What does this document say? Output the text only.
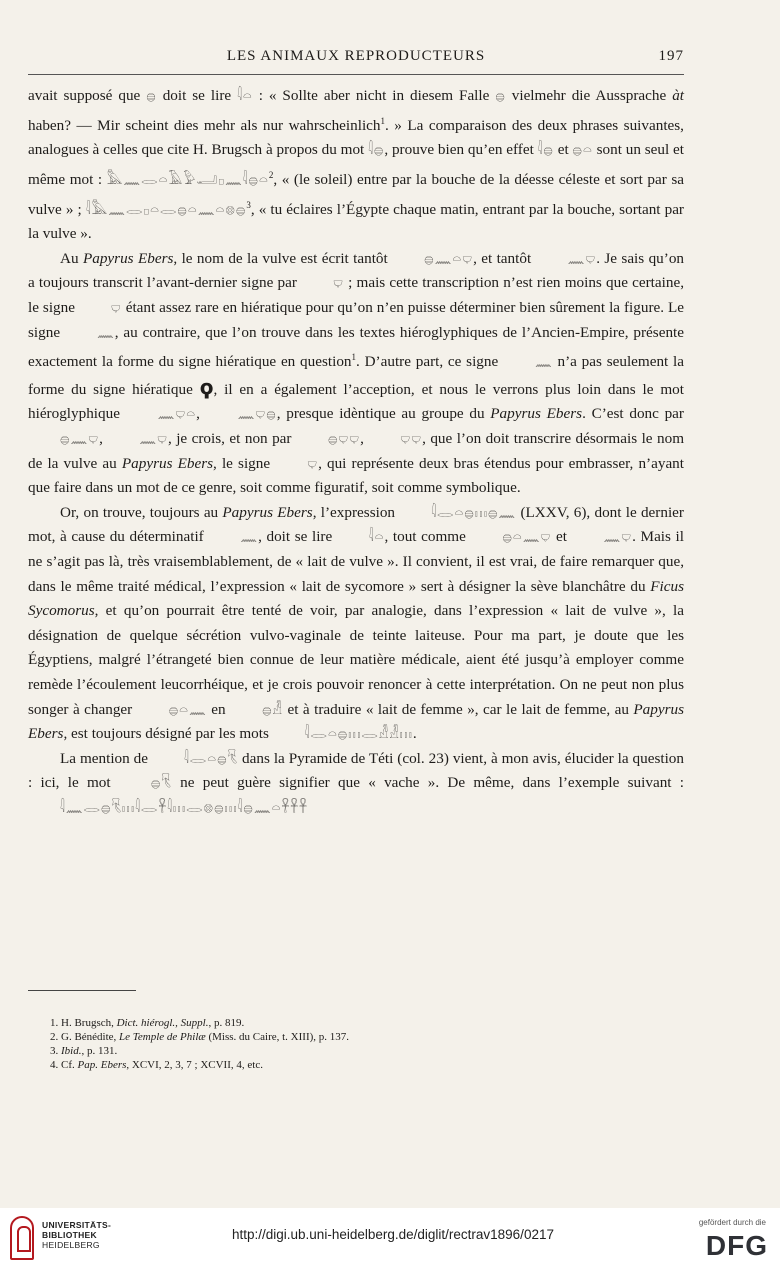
LES ANIMAUX REPRODUCTEURS	197

avait supposé que 𓐍 doit se lire 𓇋𓏏 : « Sollte aber nicht in diesem Falle 𓐍 vielmehr die Aussprache àt haben? — Mir scheint dies mehr als nur wahrscheinlich$^1$. » La comparaison des deux phrases suivantes, analogues à celles que cite H. Brugsch à propos du mot 𓇋𓐍, prouve bien qu’en effet 𓇋𓐍 et 𓐍𓏏 sont un seul et même mot : 𓅓𓈖𓂋𓏏𓄿𓅱𓂝𓊪𓈖𓇋𓐍𓏏$^2$, « (le soleil) entre par la bouche de la déesse céleste et sort par sa vulve » ; 𓇋𓅓𓈖𓂋𓊪𓏏𓂋𓐍𓏏𓈖𓏏𓊖𓐍$^3$, « tu éclaires l’Égypte chaque matin, entrant par la bouche, sortant par la vulve ».

Au Papyrus Ebers, le nom de la vulve est écrit tantôt 𓐍𓈖𓏏𓂑, et tantôt 𓈖𓂑. Je sais qu’on a toujours transcrit l’avant-dernier signe par 𓂑 ; mais cette transcription n’est rien moins que certaine, le signe 𓂑 étant assez rare en hiératique pour qu’on n’en puisse déterminer bien sûrement la figure. Le signe 𓈖, au contraire, que l’on trouve dans les textes hiéroglyphiques de l’Ancien-Empire, présente exactement la forme du signe hiératique en question$^1$. D’autre part, ce signe 𓈖 n’a pas seulement la forme du signe hiératique ϙ, il en a également l’acception, et nous le verrons plus loin dans le mot hiéroglyphique 𓈖𓂑𓏏, 𓈖𓂑𓐍, presque idèntique au groupe du Papyrus Ebers. C’est donc par 𓐍𓈖𓂑, 𓈖𓂑, je crois, et non par 𓐍𓂑𓂑, 𓂑𓂑, que l’on doit transcrire désormais le nom de la vulve au Papyrus Ebers, le signe 𓂑, qui représente deux bras étendus pour embrasser, n’ayant que faire dans un mot de ce genre, soit comme figuratif, soit comme symbolique.

Or, on trouve, toujours au Papyrus Ebers, l’expression 𓇋𓂋𓏏𓐍𓏥𓐍𓈖 (LXXV, 6), dont le dernier mot, à cause du déterminatif 𓈖, doit se lire 𓇋𓏏, tout comme 𓐍𓏏𓈖𓂑 et 𓈖𓂑. Mais il ne s’agit pas là, très vraisemblablement, de « lait de vulve ». Il convient, il est vrai, de faire remarquer que, dans le même traité médical, l’expression « lait de sycomore » sert à désigner la sève blanchâtre du Ficus Sycomorus, et qu’on pourrait être tenté de voir, par analogie, dans l’expression « lait de vulve », la désignation de quelque sécrétion vulvo-vaginale de teinte laiteuse. Pour ma part, je doute que les Égyptiens, malgré l’étrangeté bien connue de leur matière médicale, aient été jusqu’à employer comme remède l’écoulement leucorrhéique, et je crois pouvoir renoncer à cette interprétation. On ne peut non plus songer à changer 𓐍𓏏𓈖 en 𓐍𓁐 et à traduire « lait de femme », car le lait de femme, au Papyrus Ebers, est toujours désigné par les mots 𓇋𓂋𓏏𓐍𓏥𓂋𓁐𓁐𓏥.

La mention de 𓇋𓂋𓏏𓐍𓄛 dans la Pyramide de Téti (col. 23) vient, à mon avis, élucider la question : ici, le mot 𓐍𓄛 ne peut guère signifier que « vache ». De même, dans l’exemple suivant : 𓇋𓈖𓂋𓐍𓄛𓏥𓇋𓂋𓋹𓇋𓏥𓂋𓊖𓐍𓏥𓇋𓐍𓈖𓏏𓋹𓋹𓋹

1. H. Brugsch, Dict. hiérogl., Suppl., p. 819.
2. G. Bénédite, Le Temple de Philæ (Miss. du Caire, t. XIII), p. 137.
3. Ibid., p. 131.
4. Cf. Pap. Ebers, XCVI, 2, 3, 7 ; XCVII, 4, etc.
UNIVERSITÄTS-
BIBLIOTHEK
HEIDELBERG
http://digi.ub.uni-heidelberg.de/diglit/rectrav1896/0217
gefördert durch die
DFG
